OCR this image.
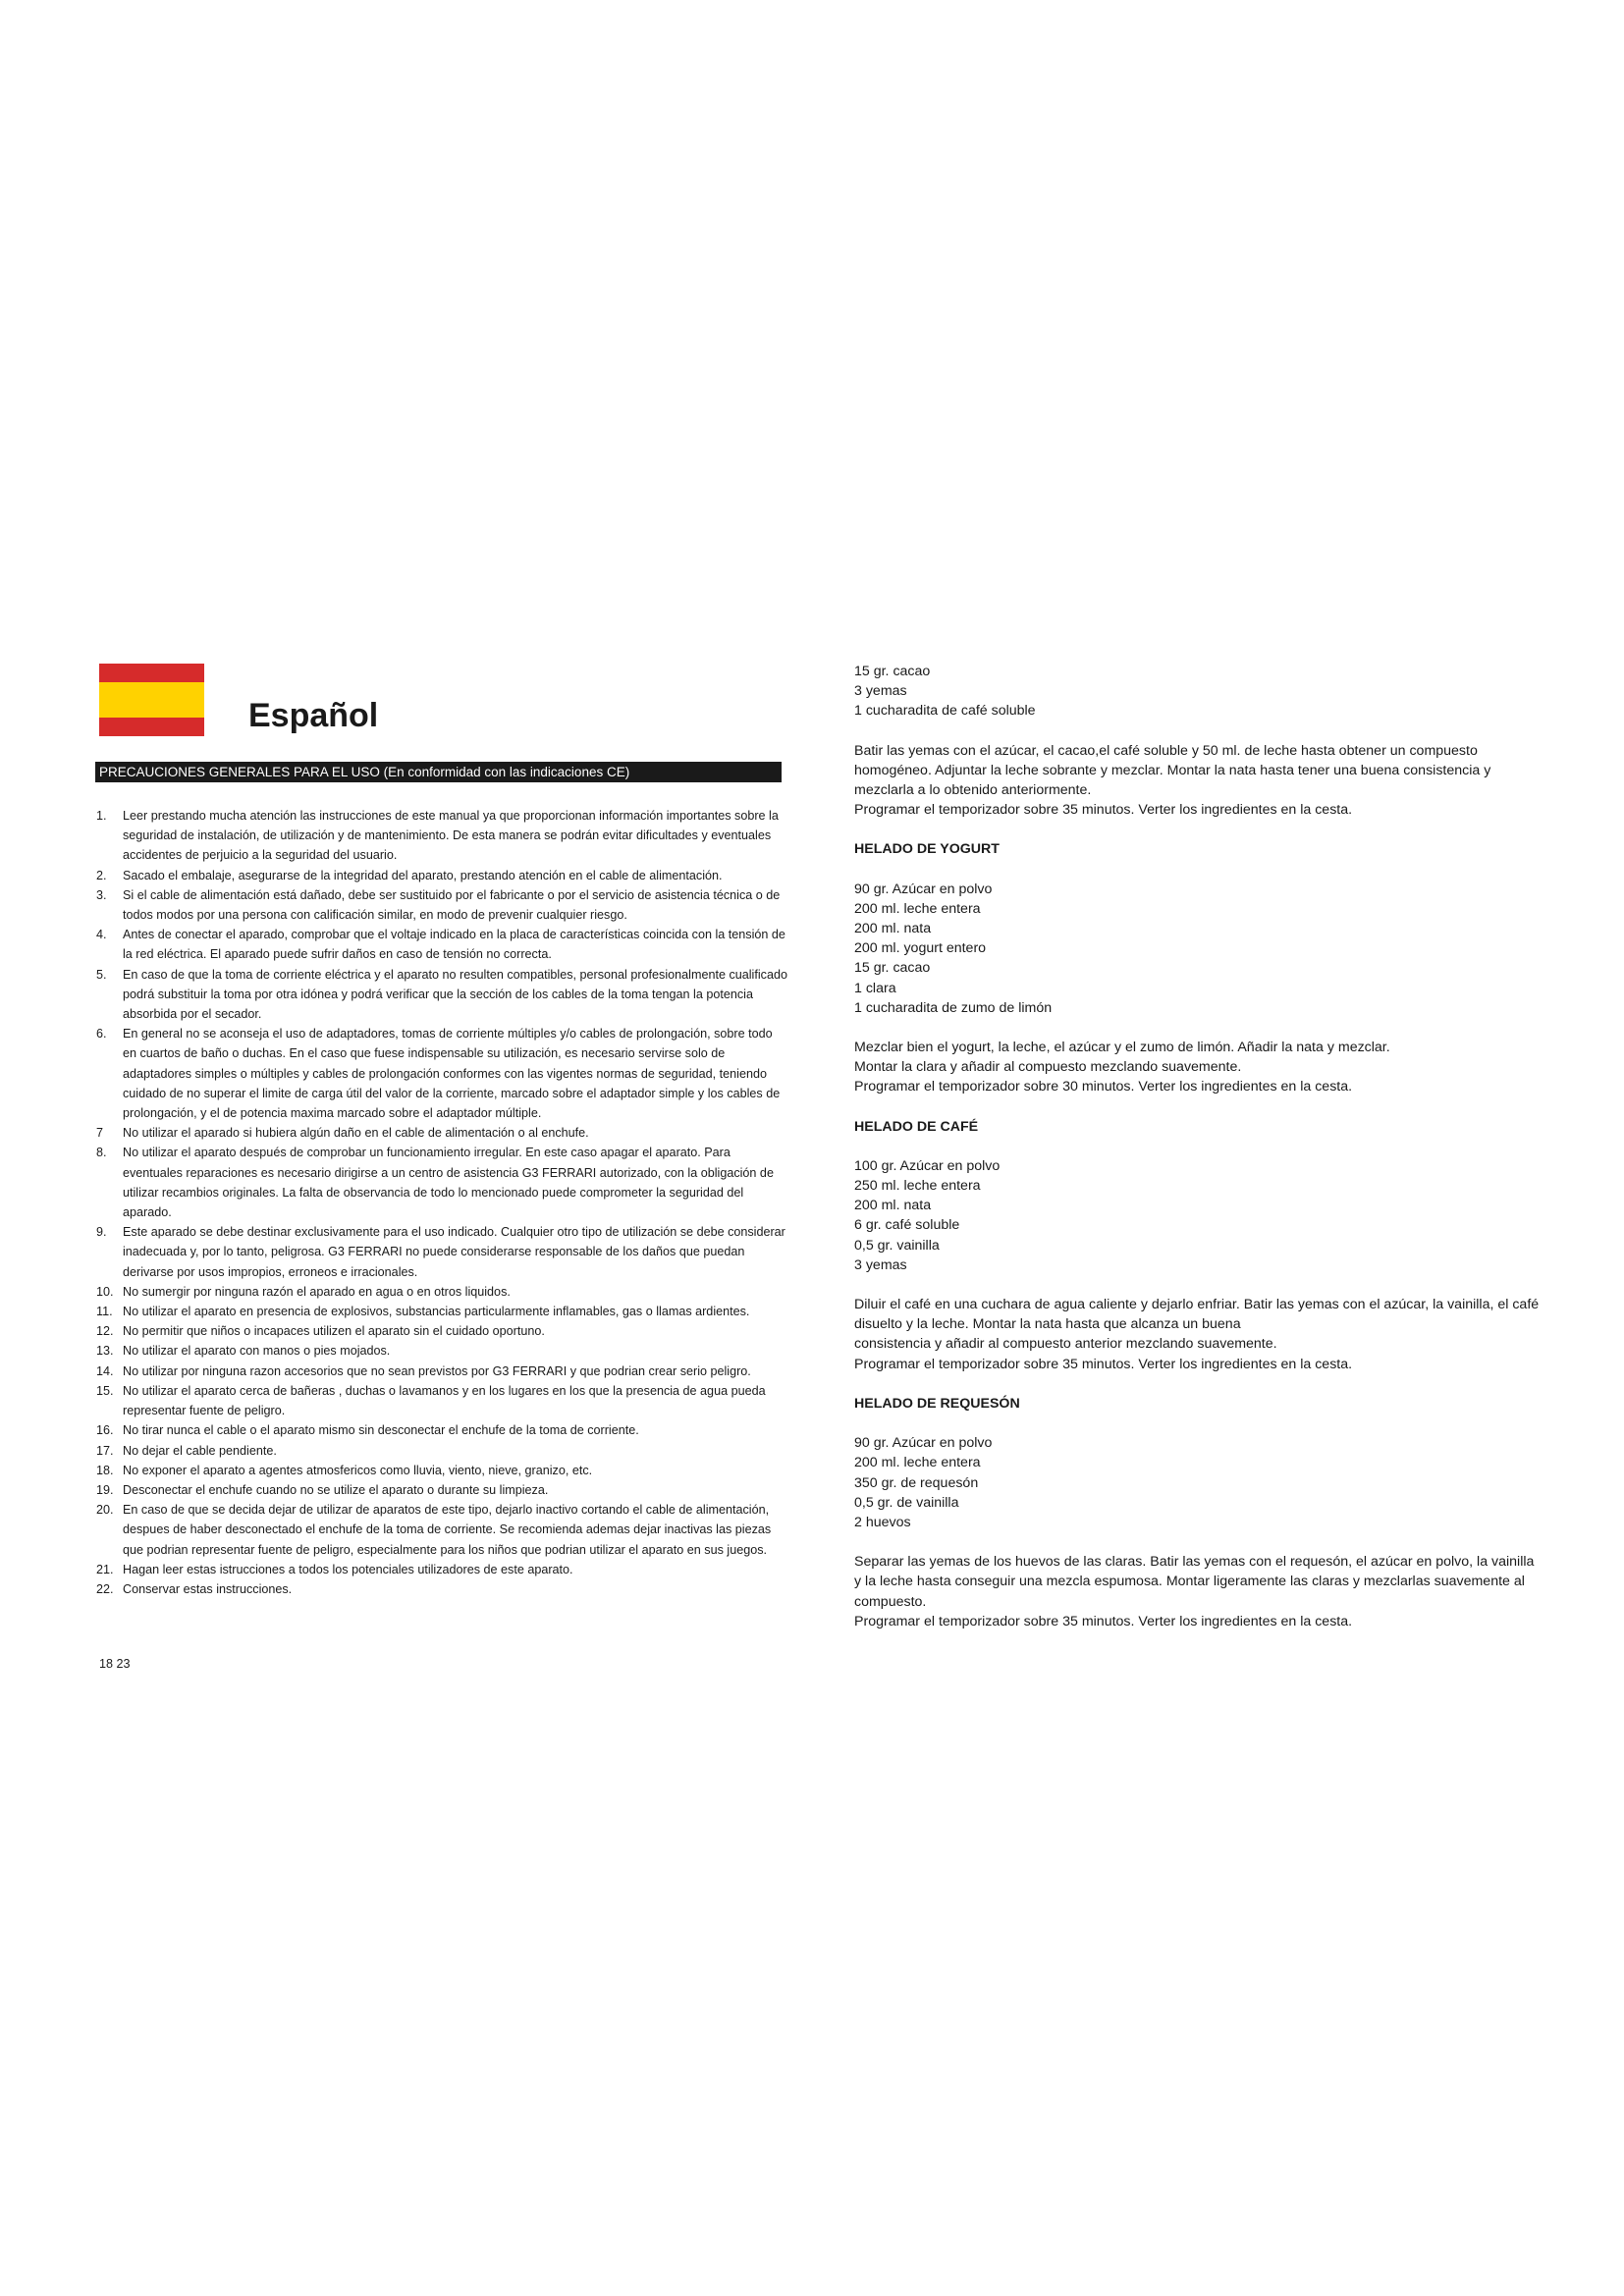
Español
PRECAUCIONES GENERALES PARA EL USO (En conformidad con las indicaciones CE)
1.	Leer prestando mucha atención las instrucciones de este manual ya que proporcionan información importantes sobre la seguridad de instalación, de utilización y de mantenimiento. De esta manera se podrán evitar dificultades y eventuales accidentes de perjuicio a la seguridad del usuario.
2.	Sacado el embalaje, asegurarse de la integridad del aparato, prestando atención en el cable de alimentación.
3.	Si el cable de alimentación está dañado, debe ser sustituido por el fabricante o por el servicio de asistencia técnica o de todos modos por una persona con calificación similar, en modo de prevenir cualquier riesgo.
4.	Antes de conectar el aparado, comprobar que el voltaje indicado en la placa de características coincida con la tensión de la red eléctrica. El aparado puede sufrir daños en caso de tensión no correcta.
5.	En caso de que la toma de corriente eléctrica y el aparato no resulten compatibles, personal profesionalmente cualificado podrá substituir la toma por otra idónea y podrá verificar que la sección de los cables de la toma tengan la potencia absorbida por el secador.
6.	En general no se aconseja el uso de adaptadores, tomas de corriente múltiples y/o cables de prolongación, sobre todo en cuartos de baño o duchas. En el caso que fuese indispensable su utilización, es necesario servirse solo de adaptadores simples o múltiples y cables de prolongación conformes con las vigentes normas de seguridad, teniendo cuidado de no superar el limite de carga útil del valor de la corriente, marcado sobre el adaptador simple y los cables de prolongación, y el de potencia maxima marcado sobre el adaptador múltiple.
7	No utilizar el aparado si hubiera algún daño en el cable de alimentación o al enchufe.
8.	No utilizar el aparato después de comprobar un funcionamiento irregular. En este caso apagar el aparato. Para eventuales reparaciones es necesario dirigirse a un centro de asistencia G3 FERRARI autorizado, con la obligación de utilizar recambios originales. La falta de observancia de todo lo mencionado puede comprometer la seguridad del aparado.
9.	Este aparado se debe destinar exclusivamente para el uso indicado. Cualquier otro tipo de utilización se debe considerar inadecuada y, por lo tanto, peligrosa. G3 FERRARI no puede considerarse responsable de los daños que puedan derivarse por usos impropios, erroneos e irracionales.
10. No sumergir por ninguna razón el aparado en agua o en otros liquidos.
11. No utilizar el aparato en presencia de explosivos, substancias particularmente inflamables, gas o llamas ardientes.
12. No permitir que niños o incapaces utilizen el aparato sin el cuidado oportuno.
13. No utilizar el aparato con manos o pies mojados.
14. No utilizar por ninguna razon accesorios que no sean previstos por G3 FERRARI y que podrian crear serio peligro.
15. No utilizar el aparato cerca de bañeras , duchas o lavamanos y en los lugares en los que la presencia de agua pueda representar fuente de peligro.
16. No tirar nunca el cable o el aparato mismo sin desconectar el enchufe de la toma de corriente.
17. No dejar el cable pendiente.
18. No exponer el aparato a agentes atmosfericos como lluvia, viento, nieve, granizo, etc.
19. Desconectar el enchufe cuando no se utilize el aparato o durante su limpieza.
20. En caso de que se decida dejar de utilizar de aparatos de este tipo, dejarlo inactivo cortando el cable de alimentación, despues de haber desconectado el enchufe de la toma de corriente. Se recomienda ademas dejar inactivas las piezas que podrian representar fuente de peligro, especialmente para los niños que podrian utilizar el aparato en sus juegos.
21. Hagan leer estas istrucciones a todos los potenciales utilizadores de este aparato.
22. Conservar estas instrucciones.
18 23

15 gr. cacao

3 yemas

1 cucharadita de café soluble

Batir las yemas con el azúcar, el cacao,el café soluble y 50 ml. de leche hasta obtener un compuesto homogéneo. Adjuntar la leche sobrante y mezclar. Montar la nata hasta tener una buena consistencia y mezclarla a lo obtenido anteriormente.

Programar el temporizador sobre 35 minutos. Verter los ingredientes en la cesta.

HELADO DE YOGURT

90 gr. Azúcar en polvo

200 ml. leche entera

200 ml. nata

200 ml. yogurt entero

15 gr. cacao

1 clara

1 cucharadita de zumo de limón

Mezclar bien el yogurt, la leche, el azúcar y el zumo de limón. Añadir la nata y mezclar.

Montar la clara y añadir al compuesto mezclando suavemente.

Programar el temporizador sobre 30 minutos. Verter los ingredientes en la cesta.

HELADO DE CAFÉ

100 gr. Azúcar en polvo

250 ml. leche entera

200 ml. nata

6 gr. café soluble

0,5 gr. vainilla

3 yemas

Diluir el café en una cuchara de agua caliente y dejarlo enfriar. Batir las yemas con el azúcar, la vainilla, el café disuelto y la leche. Montar la nata hasta que alcanza un buena

consistencia y añadir al compuesto anterior mezclando suavemente.

Programar el temporizador sobre 35 minutos. Verter los ingredientes en la cesta.

HELADO DE REQUESÓN

90 gr. Azúcar en polvo

200 ml. leche entera

350 gr. de requesón

0,5 gr. de vainilla

2 huevos

Separar las yemas de los huevos de las claras. Batir las yemas con el requesón, el azúcar en polvo, la vainilla y la leche hasta conseguir una mezcla espumosa. Montar ligeramente las claras y mezclarlas suavemente al compuesto.

Programar el temporizador sobre 35 minutos. Verter los ingredientes en la cesta.
